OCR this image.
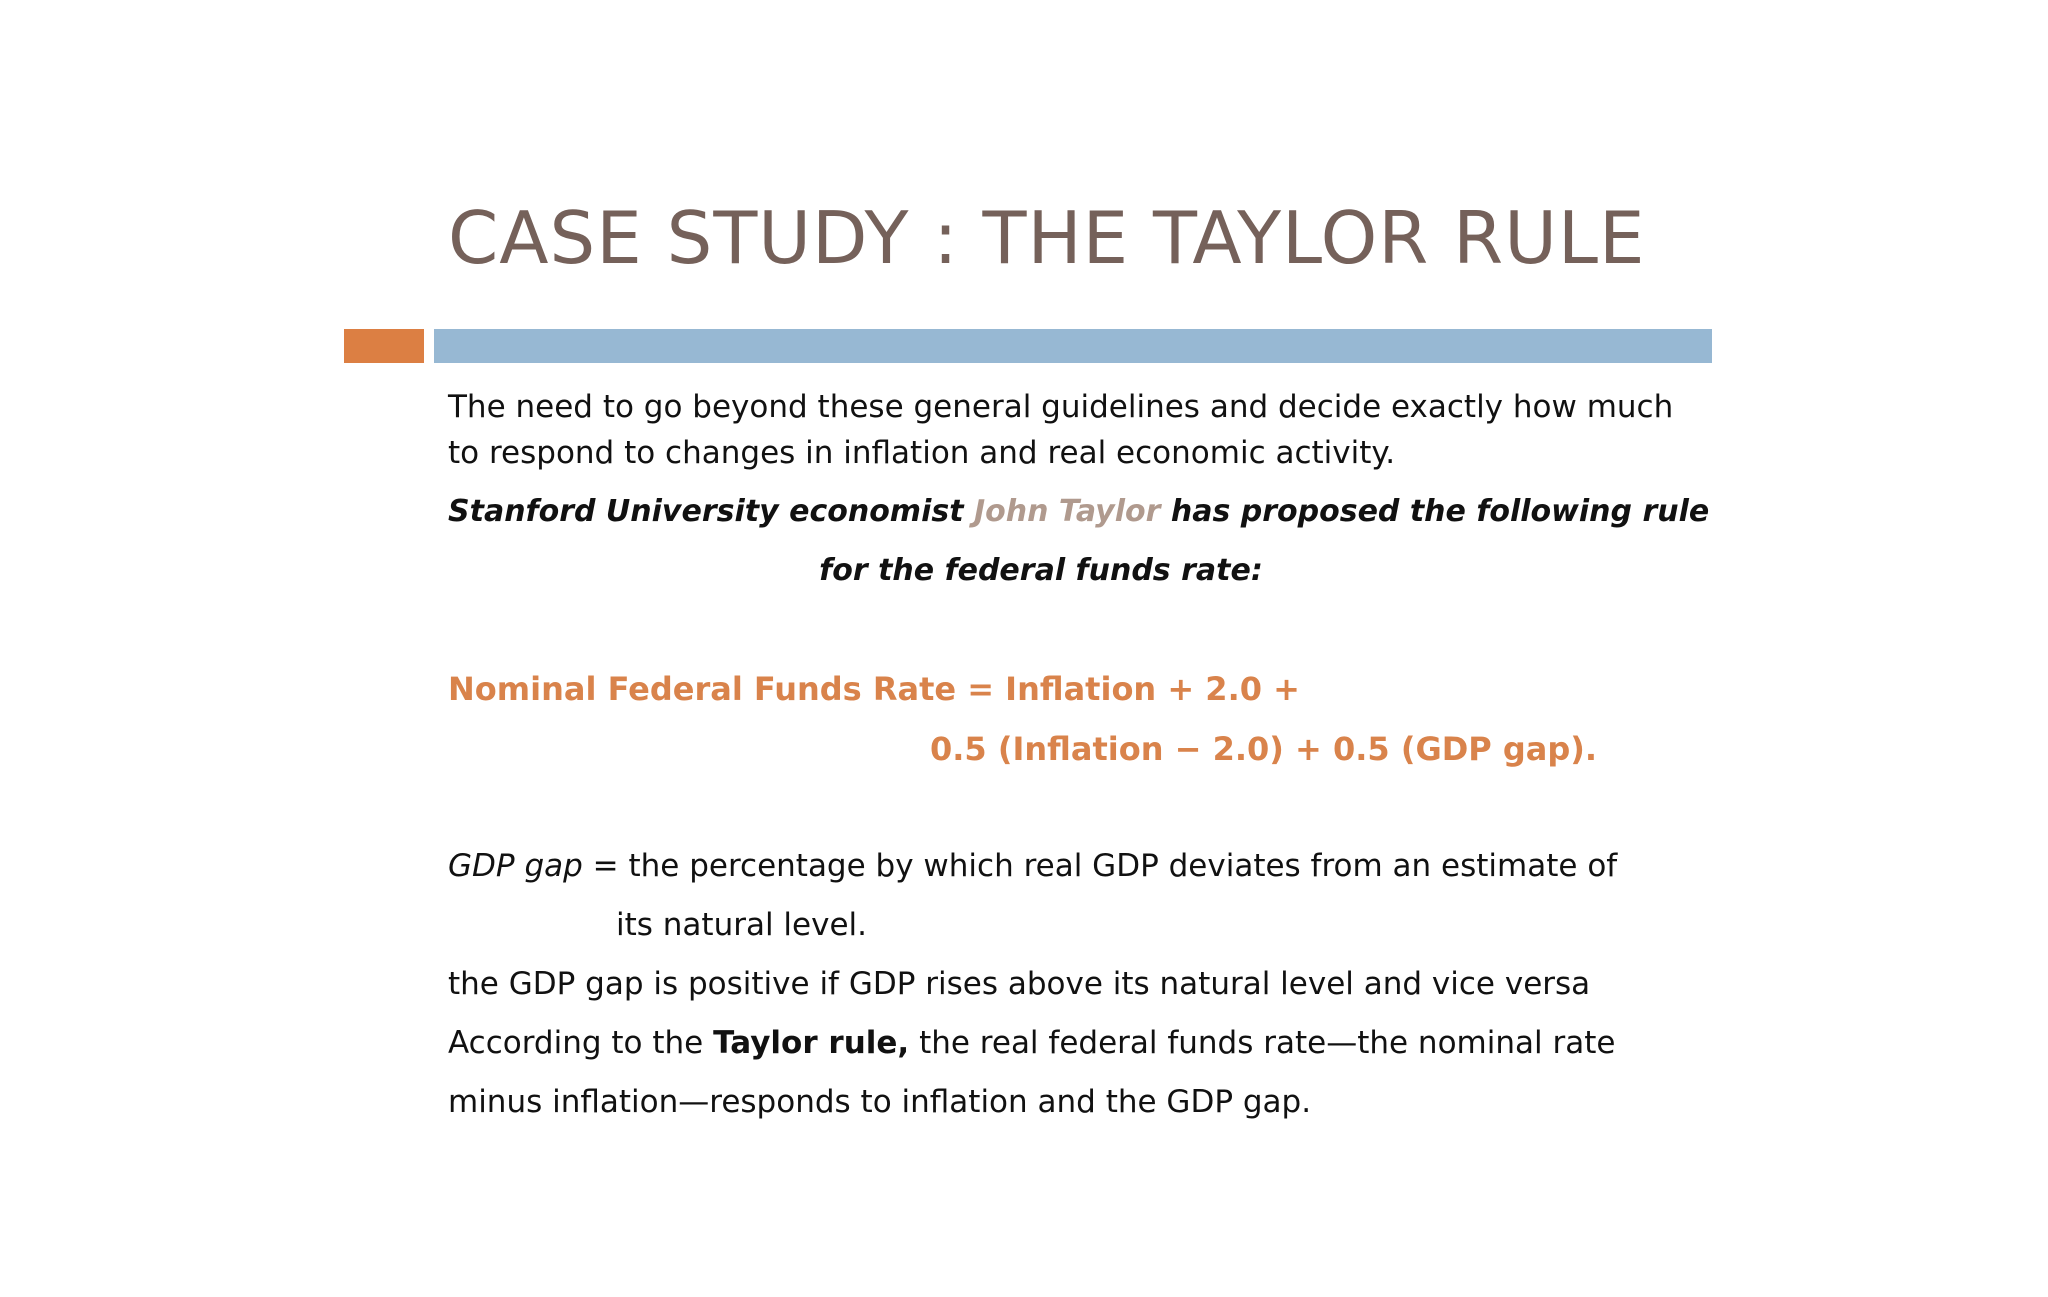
CASE STUDY : THE TAYLOR RULE
The need to go beyond these general guidelines and decide exactly how much
to respond to changes in inflation and real economic activity.
Stanford University economist John Taylor has proposed the following rule
for the federal funds rate:
Nominal Federal Funds Rate = Inflation + 2.0 +
0.5 (Inflation − 2.0) + 0.5 (GDP gap).
GDP gap = the percentage by which real GDP deviates from an estimate of
its natural level.
the GDP gap is positive if GDP rises above its natural level and vice versa
According to the Taylor rule, the real federal funds rate—the nominal rate
minus inflation—responds to inflation and the GDP gap.
